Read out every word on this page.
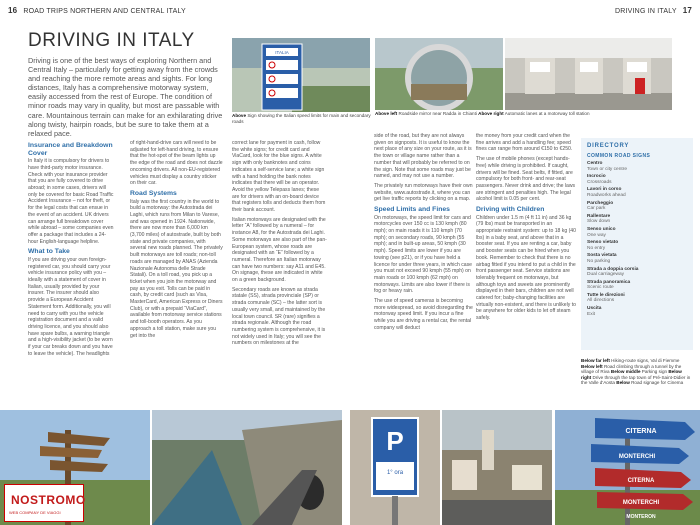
16 ROAD TRIPS NORTHERN AND CENTRAL ITALY	DRIVING IN ITALY 17
DRIVING IN ITALY
Driving is one of the best ways of exploring Northern and Central Italy – particularly for getting away from the crowds and reaching the more remote areas and sights. For long distances, Italy has a comprehensive motorway system, easily accessed from the rest of Europe. The condition of minor roads may vary in quality, but most are passable with care. Mountainous terrain can make for an exhilarating drive along twisty, hairpin roads, but be sure to take them at a relaxed pace.
ITALIA
Above Sign showing the Italian speed limits for main and secondary roads
Above left Roadside mirror near Radda in Chianti Above right Automatic lanes at a motorway toll station
Insurance and Breakdown Cover

In Italy it is compulsory for drivers to have third-party motor insurance. Check with your insurance provider that you are fully covered to drive abroad; in some cases, drivers will only be covered for basic Road Traffic Accident Insurance – not for theft, or for the legal costs that can ensue in the event of an accident. UK drivers can arrange full breakdown cover while abroad – some companies even offer a package that includes a 24-hour English-language helpline.

What to Take

If you are driving your own foreign-registered car, you should carry your vehicle insurance policy with you – ideally with a statement of cover in Italian, usually provided by your insurer. The insurer should also provide a European Accident Statement form. Additionally, you will need to carry with you the vehicle registration document and a valid driving licence, and you should also have spare bulbs, a warning triangle and a high-visibility jacket (to be worn if your car breaks down and you have to leave the vehicle). The headlights

of right-hand-drive cars will need to be adjusted for left-hand driving, to ensure that the hot-spot of the beam lights up the edge of the road and does not dazzle oncoming drivers. All non-EU-registered vehicles must display a country sticker on their car.

Road Systems

Italy was the first country in the world to build a motorway: the Autostrada dei Laghi, which runs from Milan to Varese, and was opened in 1924. Nationwide, there are now more than 6,000 km (3,700 miles) of autostrade, built by both state and private companies, with several new roads planned. The privately built motorways are toll roads; non-toll roads are managed by ANAS (Azienda Nazionale Autonoma delle Strade Statali). On a toll road, you pick up a ticket when you join the motorway and pay as you exit. Tolls can be paid in cash, by credit card (such as Visa, MasterCard, American Express or Diners Club), or with a prepaid “ViaCard”, available from motorway service stations and toll-booth operators. As you approach a toll station, make sure you get into the

correct lane for payment in cash, follow the white signs; for credit card and ViaCard, look for the blue signs. A white sign with only banknotes and coins indicates a self-service lane; a white sign with a hand holding the bank notes indicates that there will be an operator. Avoid the yellow Telepass lanes; these are for drivers with an on-board device that registers tolls and deducts them from their bank account.

Italian motorways are designated with the letter “A” followed by a numeral – for instance A8, for the Autostrada dei Laghi. Some motorways are also part of the pan-European system, whose roads are designated with an “E” followed by a numeral. Therefore an Italian motorway can have two numbers: say A11 and E45. On signage, these are indicated in white on a green background.

Secondary roads are known as strada statale (SS), strada provinciale (SP) or strada comunale (SC) – the latter sort is usually very small, and maintained by the local town council. SR (rare) signifies a strada regionale. Although the road numbering system is comprehensive, it is not widely used in Italy; you will see the numbers on milestones at the

side of the road, but they are not always given on signposts. It is useful to know the next place of any size on your route, as it is the town or village name rather than a number that will probably be referred to on the sign. Note that some roads may just be named, and may not use a number.

The privately run motorways have their own website, www.autostrade.it, where you can get live traffic reports by clicking on a map.

Speed Limits and Fines

On motorways, the speed limit for cars and motorcycles over 150 cc is 130 kmph (80 mph); on main roads it is 110 kmph (70 mph); on secondary roads, 90 kmph (55 mph); and in built-up areas, 50 kmph (30 mph). Speed limits are lower if you are towing (see p21), or if you have held a licence for under three years, in which case you must not exceed 90 kmph (55 mph) on main roads or 100 kmph (62 mph) on motorways. Limits are also lower if there is fog or heavy rain.

The use of speed cameras is becoming more widespread, so avoid disregarding the motorway speed limit. If you incur a fine while you are driving a rental car, the rental company will deduct

the money from your credit card when the fine arrives and add a handling fee; speed fines can range from around €150 to €250.

The use of mobile phones (except hands-free) while driving is prohibited. If caught, drivers will be fined. Seat belts, if fitted, are compulsory for both front- and rear-seat passengers. Never drink and drive; the laws are stringent and penalties high. The legal alcohol limit is 0.05 per cent.

Driving with Children

Children under 1.5 m (4 ft 11 in) and 36 kg (79 lbs) must be transported in an appropriate restraint system: up to 18 kg (40 lbs) in a baby seat, and above that in a booster seat. If you are renting a car, baby and booster seats can be hired when you book. Remember to check that there is no airbag fitted if you intend to put a child in the front passenger seat. Service stations are tolerably frequent on motorways, but although toys and sweets are prominently displayed in their bars, children are not well catered for; baby-changing facilities are virtually non-existent, and there is unlikely to be anywhere for older kids to let off steam safely.

DIRECTORY
COMMON ROAD SIGNS
Centro
Town or city centre
Incrocio
Crossroads
Lavori in corso
Roadworks ahead
Parcheggio
Car park
Rallentare
Slow down
Senso unico
One way
Senso vietato
No entry
Sosta vietata
No parking
Strada a doppia corsia
Dual carriageway
Strada panoramica
Scenic route
Tutte le direzioni
All directions
Uscita
Exit
Below far left Hiking-route signs, Val di Fiemme Below left Road climbing through a tunnel by the village of Riva Below middle Parking sign Below right Drive through the tap town of Pré-Saint-Didier in the Valle d'Aosta Below Road signage for Cinema
P
1° ora
CITERNA
MONTERCHI
CITERNA
MONTERCHI
MONTERON
NOSTROMO
WEB COMPANY DE VIAGGI
